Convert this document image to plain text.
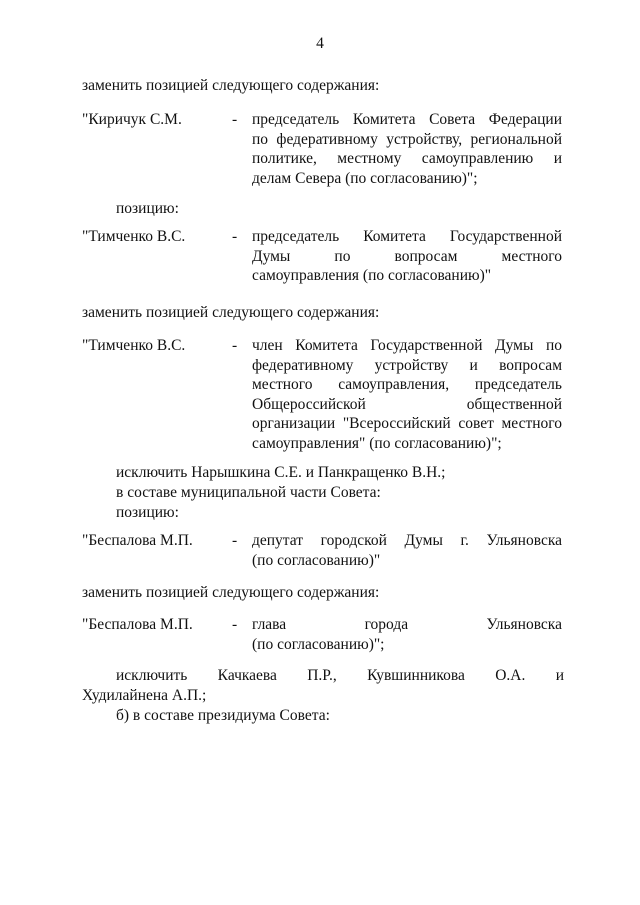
4
заменить позицией следующего содержания:
"Киричук С.М.	- председатель Комитета Совета Федерации
по федеративному устройству, региональной
политике, местному самоуправлению и
делам Севера (по согласованию)";
позицию:
"Тимченко В.С.	- председатель Комитета Государственной
Думы по вопросам местного
самоуправления (по согласованию)"
заменить позицией следующего содержания:
"Тимченко В.С.	- член Комитета Государственной Думы по
федеративному устройству и вопросам
местного самоуправления, председатель
Общероссийской общественной
организации "Всероссийский совет местного
самоуправления" (по согласованию)";
исключить Нарышкина С.Е. и Панкращенко В.Н.;
в составе муниципальной части Совета:
позицию:
"Беспалова М.П.	- депутат городской Думы г. Ульяновска
(по согласованию)"
заменить позицией следующего содержания:
"Беспалова М.П.	- глава города Ульяновска
(по согласованию)";
исключить Качкаева П.Р., Кувшинникова О.А. и
Худилайнена А.П.;
б) в составе президиума Совета:
